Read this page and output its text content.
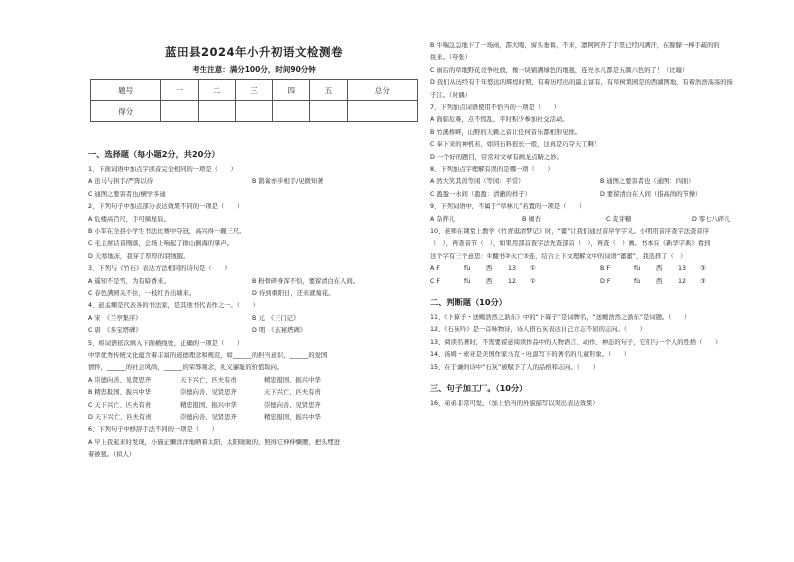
蓝田县2024年小升初语文检测卷
考生注意：满分100分，时间90分钟
题号	一	二	三	四	五	总分
得分						
一、选择题（每小题2分，共20分）
1、下面词语中加点字读音完全相同的一项是（　　）
A 虽马与拱手/严阵以待	B 鹊雀亦步相手/见微知著
C 通图之要害者也/横学多通
2、下列句子中加点部分表达效果不同的一项是（　　）
A 危楼高百尺，手可摘星辰。
B 小军在全县小学生书法比赛中夺冠，高兴得一蹦三尺。
C 毛主席话音刚落，会场上响起了排山倒海的掌声。
D 天寒地冻，我穿了厚厚的羽绒服。
3、下列与《竹石》表达方法相同的诗句是（　　）
A 遥知不是雪，为有暗香来。	B 粉骨碎身浑不怕，要留清白在人间。
C 春色满园关不住，一枝红杏出墙来。	D 待到重阳日，还来就菊花。
4、赵孟頫是代表各的书法家，是其他书代表作之一。（　　）
A 宋　《兰亭集序》	B 元　《三门记》
C 唐　《多宝塔碑》	D 明　《玄秘塔碑》
5、将词语依次填入下面横线处，正确的一项是（　　）
中华优秀传统文化蕴含着丰富的道德理念和规范，如______的担当意识，______的爱国
情怀，______的社会风尚，______的荣辱观念，礼义廉耻的价值取向。
A 崇德向善、见贤思齐	天下兴亡、匹夫有责	精忠报国、振兴中华
B 精忠报国、振兴中华	崇德向善、见贤思齐	天下兴亡、匹夫有责
C 天下兴亡、匹夫有责	精忠报国、振兴中华	崇德向善、见贤思齐
D 天下兴亡、匹夫有责	崇德向善、见贤思齐	精忠报国、振兴中华
6、下列句子中修辞手法不同的一项是（　　）
A 早上我起来时发现，小猫正懒洋洋地晒着太阳，太阳暖暖的，照得它伸伸懒腰，把头埋进
着被毯。（拟人）
B 牛喘急急地下了一场雨，霹大喝，窗头垂暮，不来，凛阿阿开了手里已经闪满汗，在朦朦一棒手疏的的
鱼来。（夸张）
C 雨后的草地野花竞争吐放，像一块铺满绿色的地毯，连亮水儿都是五颜六色的了！（比喻）
D 我们从历经有千年悠远的辉煌时期，有着历经出的最主富有，有草树果园是的西湖图地，有着浩浩荡荡的扬
子江。（对偶）
7、下列加点词语使用不恰当的一项是（　　）
A 面临危难，点不慌乱，平时积少参加社交活动。
B 竹溪桥畔，山野的天籁之音让任何音乐都相形见绌。
C 奉下来的神机若，如同石料很长一般，这真是巧夺天工啊！
D 一个好的题目，常常对文章有画龙点睛之妙。
8、下列加点字理解有误的是哪一项（　　）
A 然大笑其兽等闲（等闲：平常）	B 通图之要害者也（通图：四面）
C 盈盈一水间（盈盈：清澈的样子）	D 要留清白在人间（指高尚的节操）
9、下列词语中，不属于“草林儿”若置的一项是（　　）
A 杂拌儿	B 闹杏	C 麦芽糖	D 零七八碎儿
10、老师在课堂上教学《竹青逛清梦记》时，“藿”让我们通过音序学字义。小明用音序查字法查音序
（　），再查音节（　），如果用部首查字法先查部首（　），再查（　）画。书本在《新华字典》看到
这个字有三个意思：①翻书②灭亡③连，结合上下文理解文中的词语“藿藿”，我选择了（　）
A F	fù	西 13 ①	B F	fù	西 13 ③
C F	fù	西 12 ①	D F	fù	西 12 ③
二、判断题（10分）
11、《卜算子・送鲍浩然之浙东》中的“卜算子”是词牌名，“送鲍浩然之浙东”是词题。（　　）
12、《石灰吟》是一首咏物诗，诗人借石灰表达自己立志不屈的志向。（　　）
13、阅读名著时，不需要留意阅读作品中的人物语言、动作、神态的句子，它们与一个人的性格（　　）
14、汤姆・索亚是美国作家马克・吐温写下的著名的儿童形象。（　　）
15、在于谦的诗中“石灰”被赋予了人的品格和志向。（　　）
三、句子加工厂。（10分）
16、弟弟非常可爱。（加上恰当的外貌描写以突出表达效果）
